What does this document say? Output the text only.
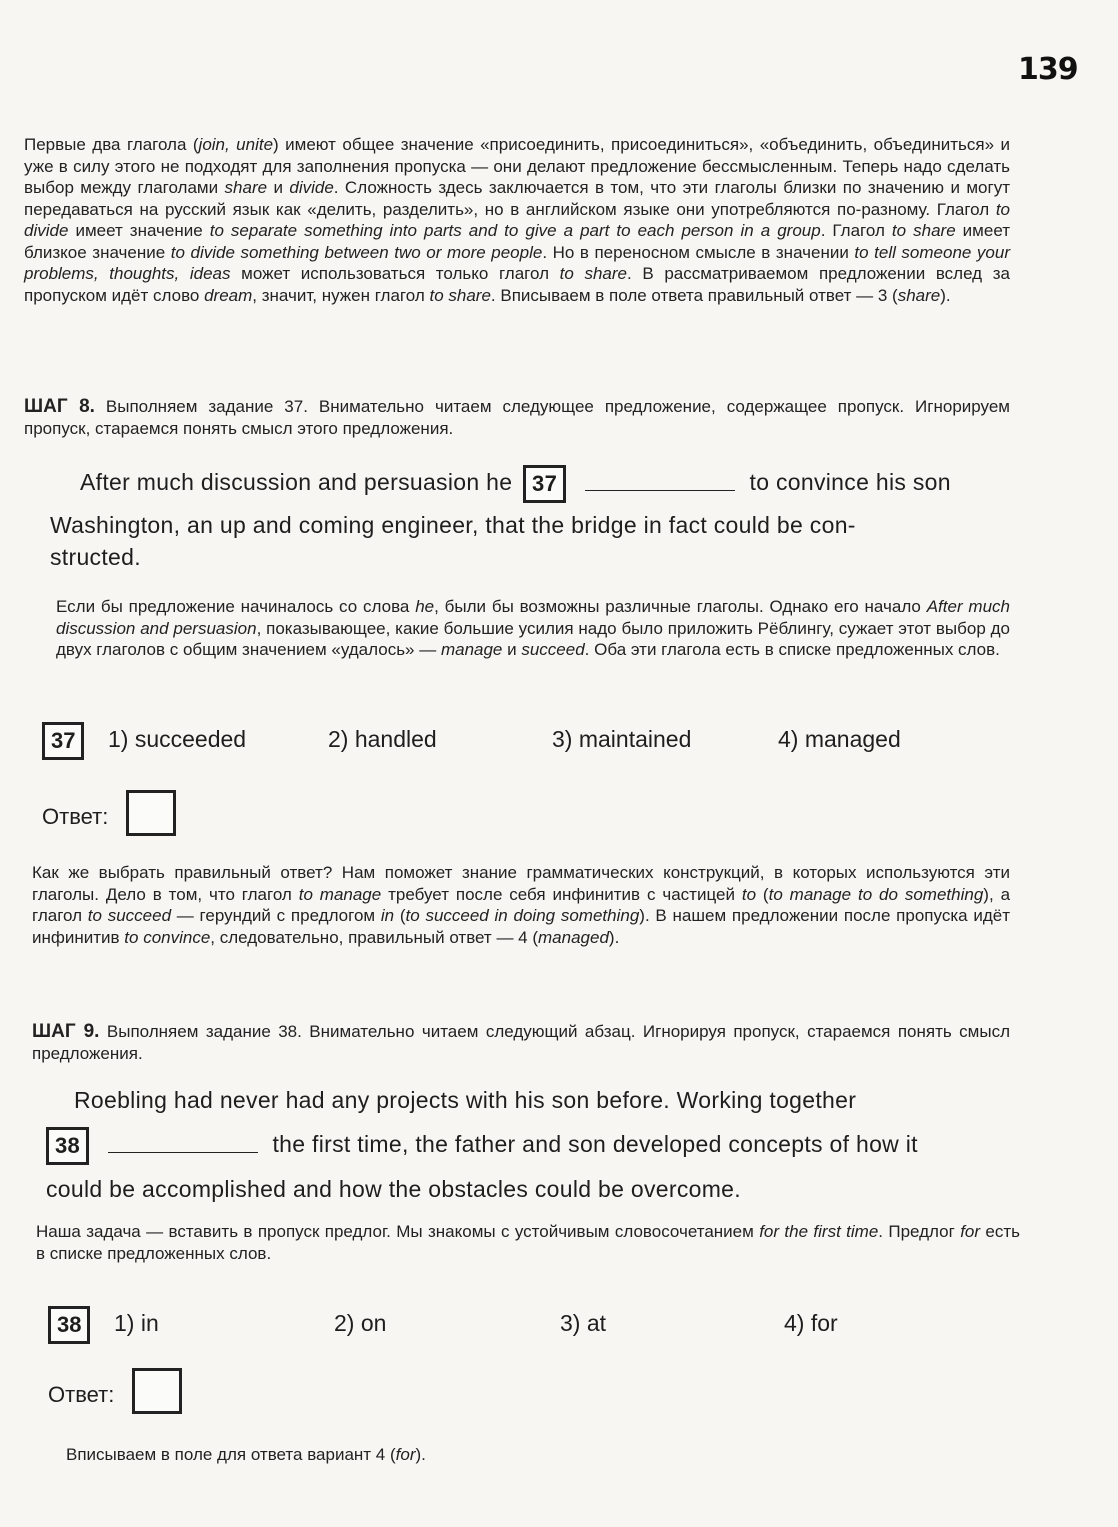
139
Первые два глагола (join, unite) имеют общее значение «присоединить, присоединиться», «объединить, объединиться» и уже в силу этого не подходят для заполнения пропуска — они делают предложение бессмысленным. Теперь надо сделать выбор между глаголами share и divide. Сложность здесь заключается в том, что эти глаголы близки по значению и могут передаваться на русский язык как «делить, разделить», но в английском языке они употребляются по-разному. Глагол to divide имеет значение to separate something into parts and to give a part to each person in a group. Глагол to share имеет близкое значение to divide something between two or more people. Но в переносном смысле в значении to tell someone your problems, thoughts, ideas может использоваться только глагол to share. В рассматриваемом предложении вслед за пропуском идёт слово dream, значит, нужен глагол to share. Вписываем в поле ответа правильный ответ — 3 (share).
ШАГ 8. Выполняем задание 37. Внимательно читаем следующее предложение, содержащее пропуск. Игнорируем пропуск, стараемся понять смысл этого предложения.
After much discussion and persuasion he 37	to convince his son
Washington, an up and coming engineer, that the bridge in fact could be con-
structed.
Если бы предложение начиналось со слова he, были бы возможны различные глаголы. Однако его начало After much discussion and persuasion, показывающее, какие большие усилия надо было приложить Рёблингу, сужает этот выбор до двух глаголов с общим значением «удалось» — manage и succeed. Оба эти глагола есть в списке предложенных слов.
37	1) succeeded	2) handled	3) maintained	4) managed
Ответ:
Как же выбрать правильный ответ? Нам поможет знание грамматических конструкций, в которых используются эти глаголы. Дело в том, что глагол to manage требует после себя инфинитив с частицей to (to manage to do something), а глагол to succeed — герундий с предлогом in (to succeed in doing something). В нашем предложении после пропуска идёт инфинитив to convince, следовательно, правильный ответ — 4 (managed).
ШАГ 9. Выполняем задание 38. Внимательно читаем следующий абзац. Игнорируя пропуск, стараемся понять смысл предложения.
Roebling had never had any projects with his son before. Working together
38	the first time, the father and son developed concepts of how it
could be accomplished and how the obstacles could be overcome.
Наша задача — вставить в пропуск предлог. Мы знакомы с устойчивым словосочетанием for the first time. Предлог for есть в списке предложенных слов.
38	1) in	2) on	3) at	4) for
Ответ:
Вписываем в поле для ответа вариант 4 (for).
